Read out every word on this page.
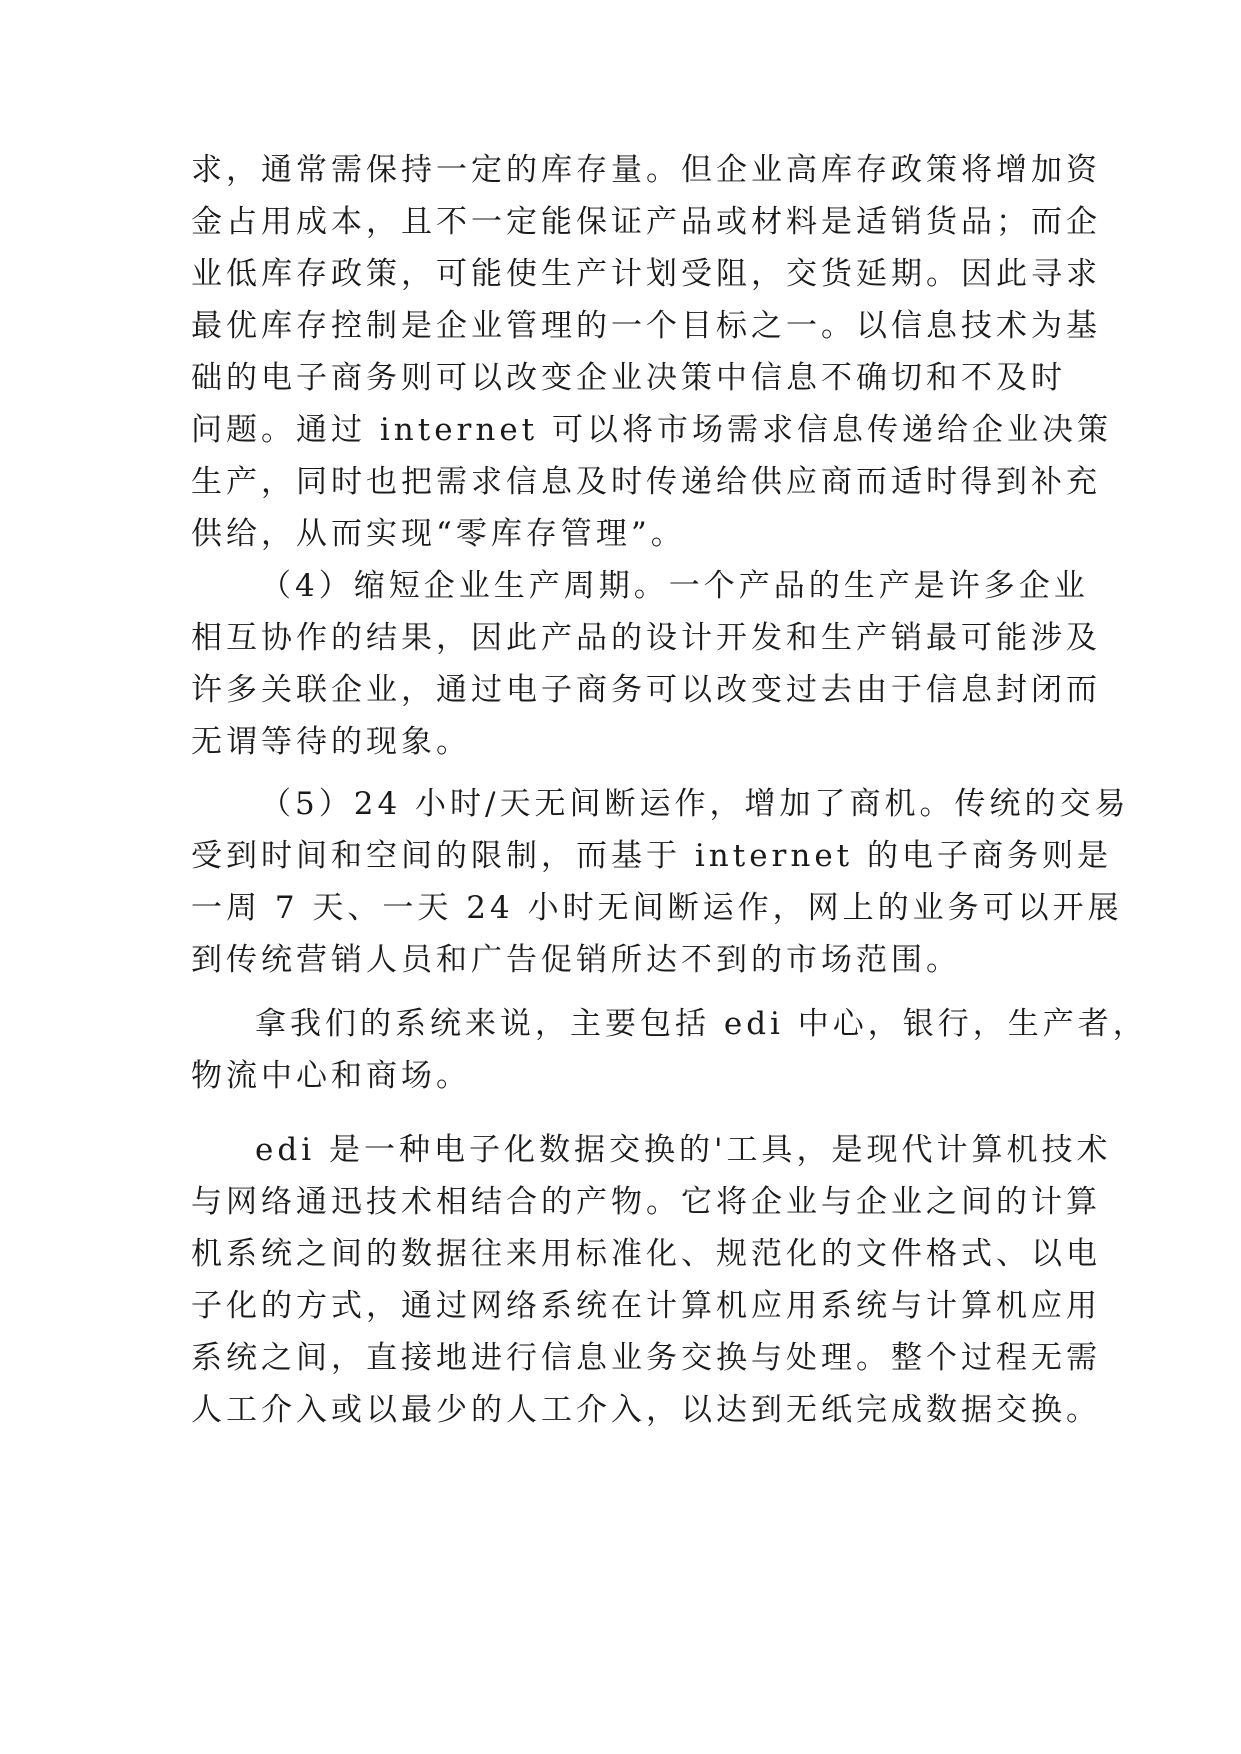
求，通常需保持一定的库存量。但企业高库存政策将增加资
金占用成本，且不一定能保证产品或材料是适销货品；而企
业低库存政策，可能使生产计划受阻，交货延期。因此寻求
最优库存控制是企业管理的一个目标之一。以信息技术为基
础的电子商务则可以改变企业决策中信息不确切和不及时
问题。通过 internet 可以将市场需求信息传递给企业决策
生产，同时也把需求信息及时传递给供应商而适时得到补充
供给，从而实现“零库存管理”。
（4）缩短企业生产周期。一个产品的生产是许多企业
相互协作的结果，因此产品的设计开发和生产销最可能涉及
许多关联企业，通过电子商务可以改变过去由于信息封闭而
无谓等待的现象。
（5）24 小时/天无间断运作，增加了商机。传统的交易
受到时间和空间的限制，而基于 internet 的电子商务则是
一周 7 天、一天 24 小时无间断运作，网上的业务可以开展
到传统营销人员和广告促销所达不到的市场范围。
拿我们的系统来说，主要包括 edi 中心，银行，生产者，
物流中心和商场。
edi 是一种电子化数据交换的'工具，是现代计算机技术
与网络通迅技术相结合的产物。它将企业与企业之间的计算
机系统之间的数据往来用标准化、规范化的文件格式、以电
子化的方式，通过网络系统在计算机应用系统与计算机应用
系统之间，直接地进行信息业务交换与处理。整个过程无需
人工介入或以最少的人工介入，以达到无纸完成数据交换。
